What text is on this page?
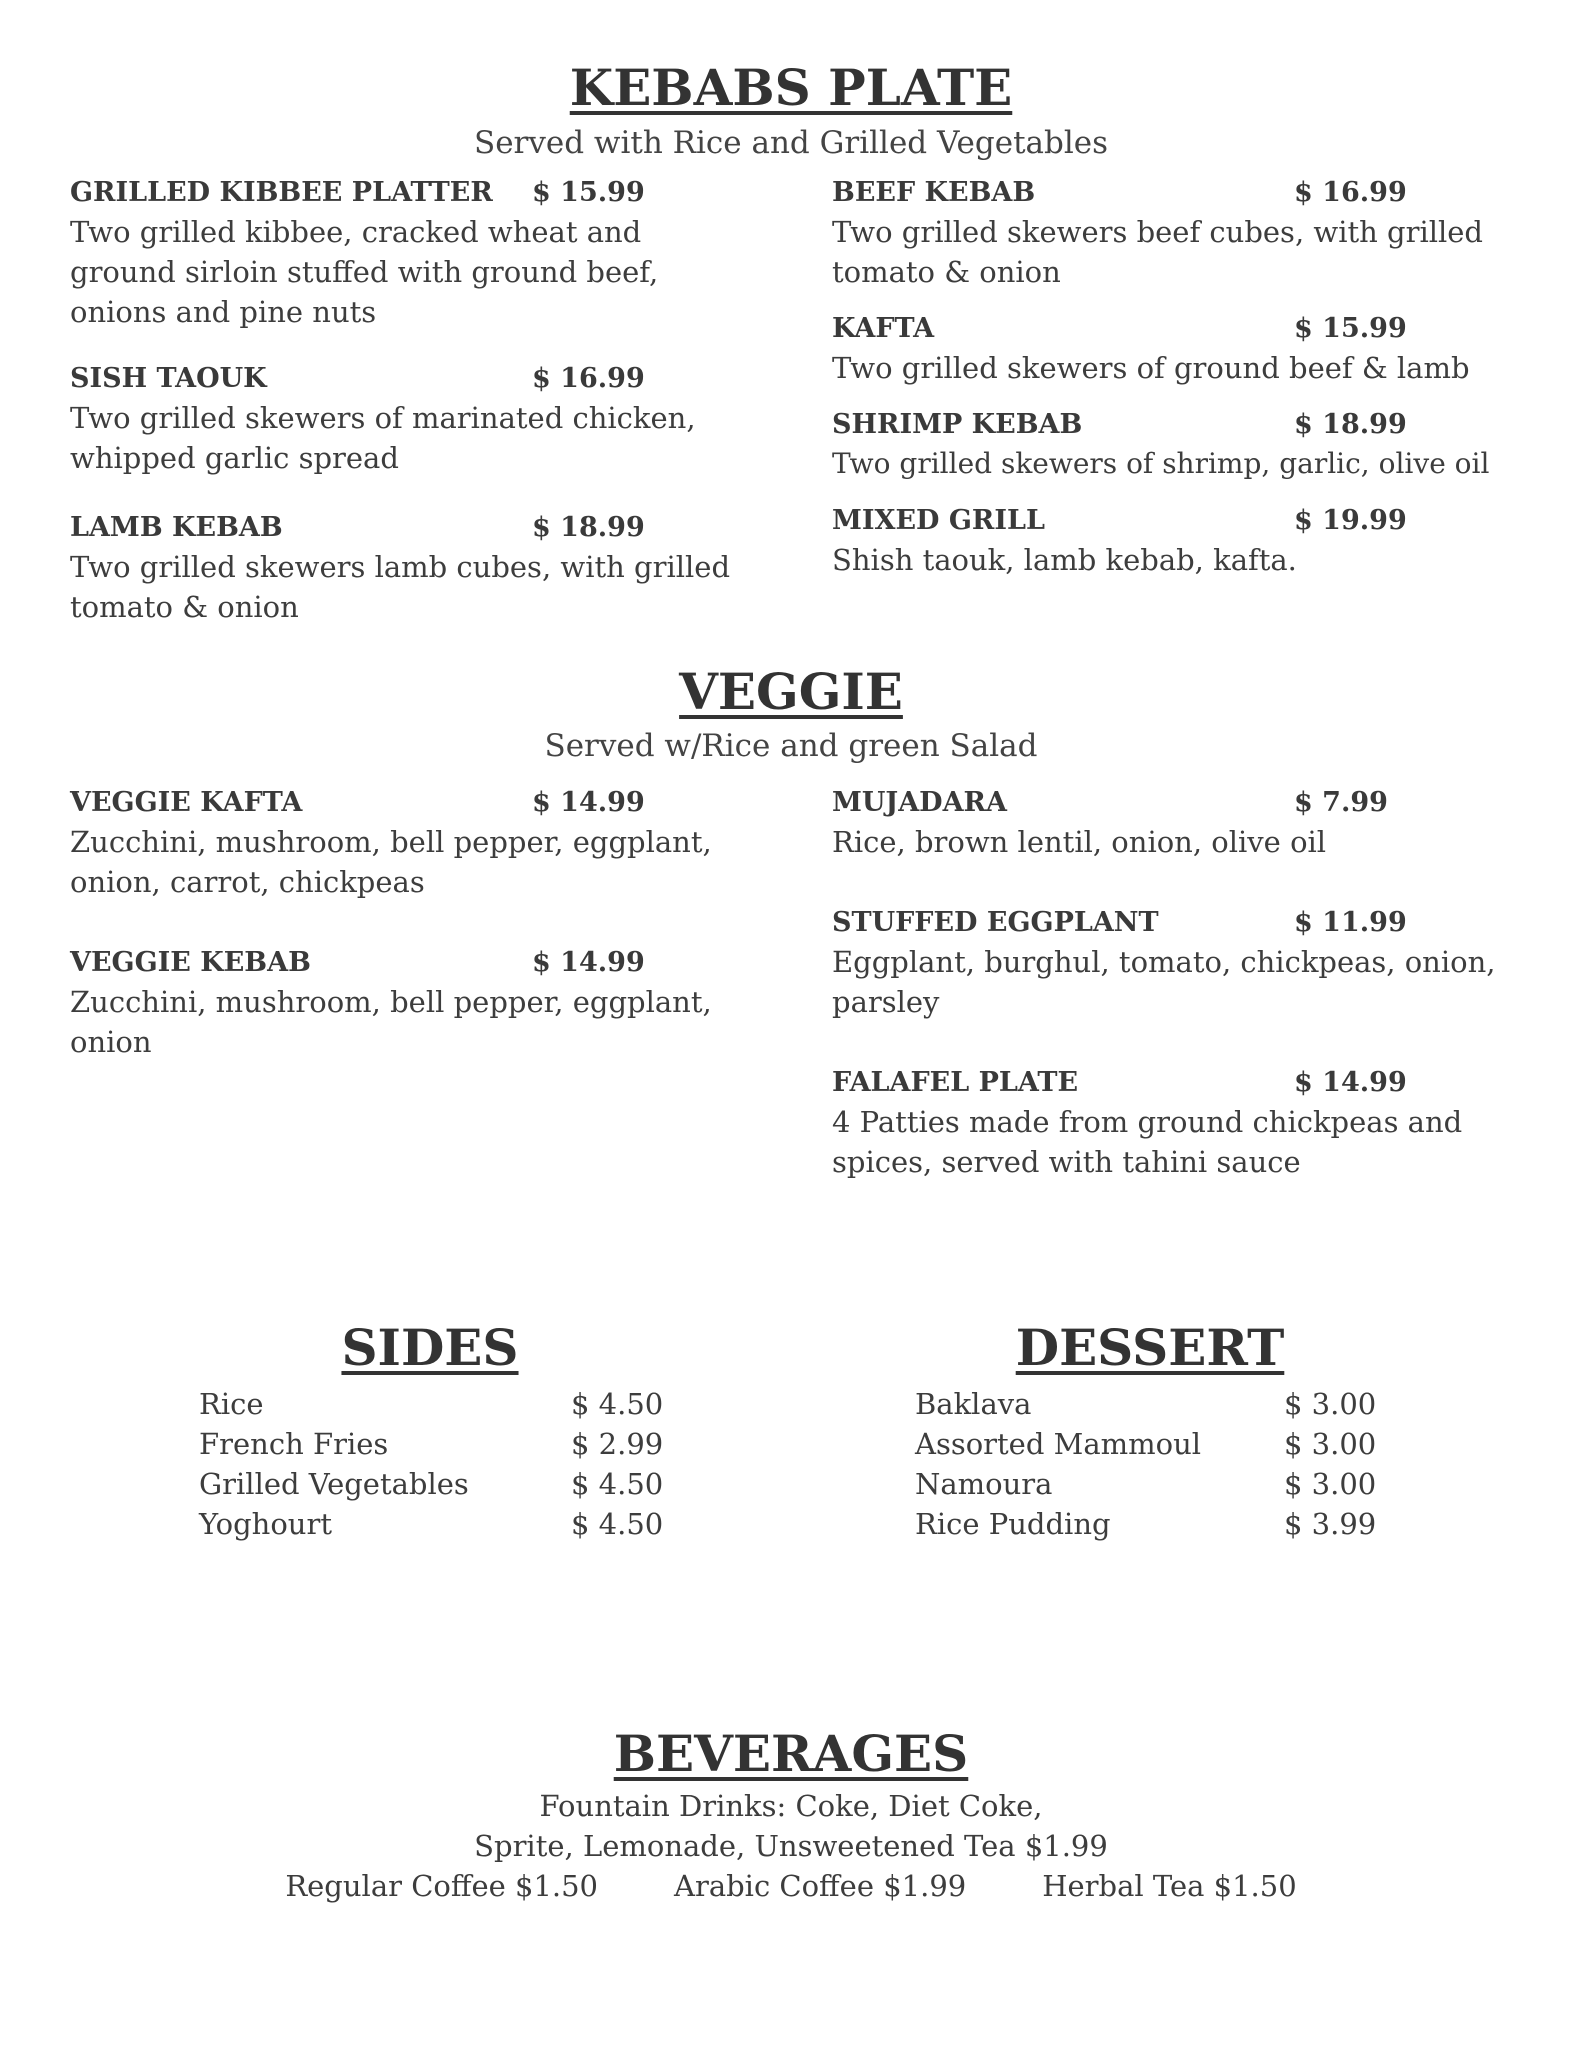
KEBABS PLATE

Served with Rice and Grilled Vegetables

GRILLED KIBBEE PLATTER $ 15.99
Two grilled kibbee, cracked wheat and ground sirloin stuffed with ground beef, onions and pine nuts
SISH TAOUK	$ 16.99
Two grilled skewers of marinated chicken, whipped garlic spread
LAMB KEBAB	$ 18.99
Two grilled skewers lamb cubes, with grilled tomato & onion
BEEF KEBAB	$ 16.99
Two grilled skewers beef cubes, with grilled tomato & onion
KAFTA	$ 15.99
Two grilled skewers of ground beef & lamb
SHRIMP KEBAB	$ 18.99
Two grilled skewers of shrimp, garlic, olive oil
MIXED GRILL	$ 19.99
Shish taouk, lamb kebab, kafta.
VEGGIE

Served w/Rice and green Salad

VEGGIE KAFTA	$ 14.99
Zucchini, mushroom, bell pepper, eggplant, onion, carrot, chickpeas
VEGGIE KEBAB	$ 14.99
Zucchini, mushroom, bell pepper, eggplant, onion
MUJADARA	$ 7.99
Rice, brown lentil, onion, olive oil
STUFFED EGGPLANT	$ 11.99
Eggplant, burghul, tomato, chickpeas, onion, parsley
FALAFEL PLATE	$ 14.99
4 Patties made from ground chickpeas and spices, served with tahini sauce
SIDES
Rice	$ 4.50
French Fries	$ 2.99
Grilled Vegetables	$ 4.50
Yoghourt	$ 4.50
DESSERT
Baklava	$ 3.00
Assorted Mammoul	$ 3.00
Namoura	$ 3.00
Rice Pudding	$ 3.99
BEVERAGES
Fountain Drinks: Coke, Diet Coke,
Sprite, Lemonade, Unsweetened Tea $1.99
Regular Coffee $1.50	Arabic Coffee $1.99	Herbal Tea $1.50
